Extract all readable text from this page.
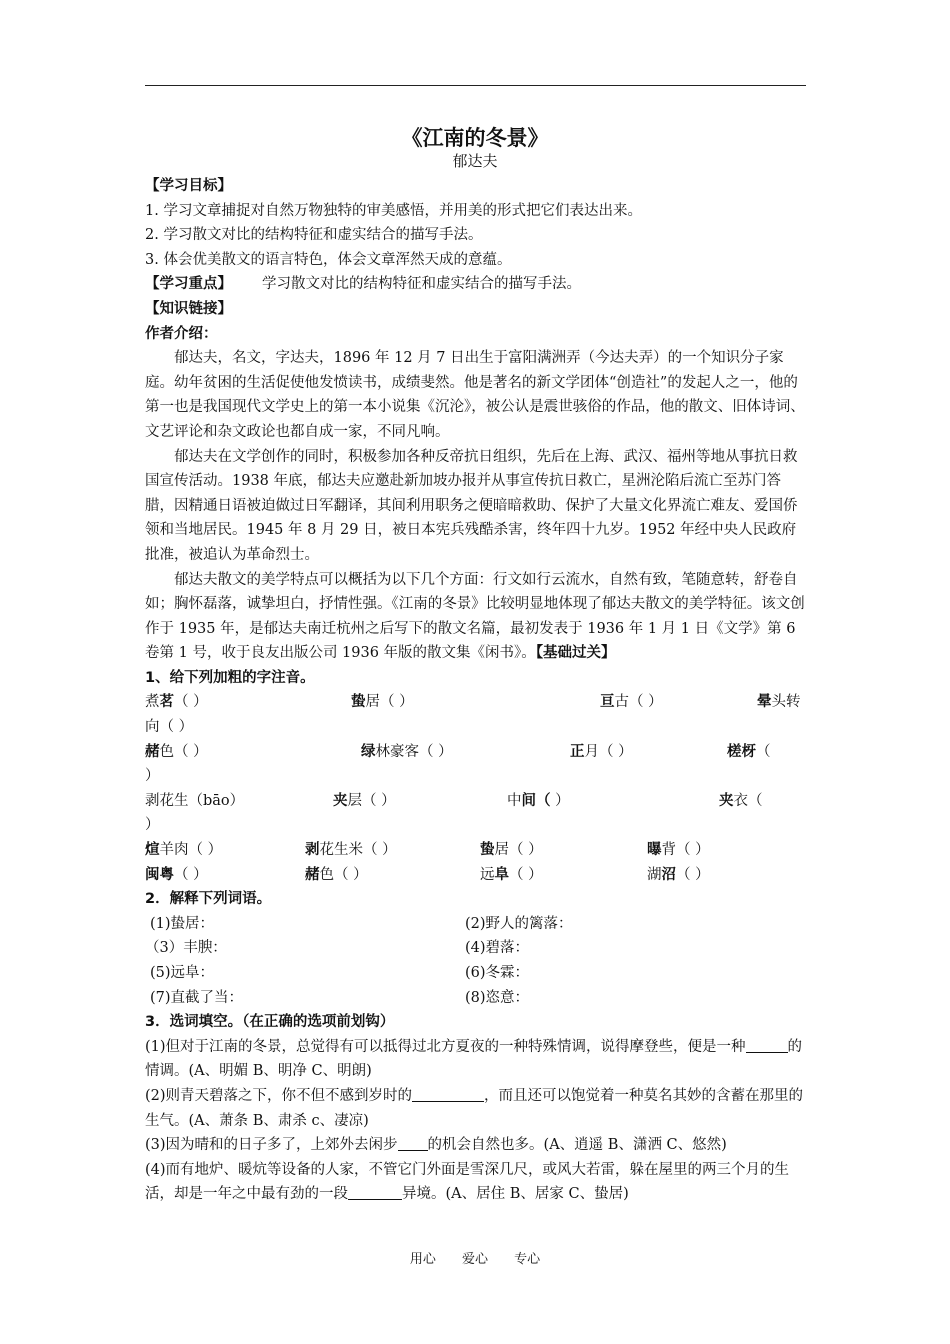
《江南的冬景》
郁达夫

【学习目标】

1. 学习文章捕捉对自然万物独特的审美感悟，并用美的形式把它们表达出来。

2. 学习散文对比的结构特征和虚实结合的描写手法。

3. 体会优美散文的语言特色，体会文章浑然天成的意蕴。

【学习重点】 学习散文对比的结构特征和虚实结合的描写手法。

【知识链接】

作者介绍：

郁达夫，名文，字达夫，1896 年 12 月 7 日出生于富阳满洲弄（今达夫弄）的一个知识分子家庭。幼年贫困的生活促使他发愤读书，成绩斐然。他是著名的新文学团体“创造社”的发起人之一，他的第一也是我国现代文学史上的第一本小说集《沉沦》，被公认是震世骇俗的作品，他的散文、旧体诗词、文艺评论和杂文政论也都自成一家，不同凡响。

郁达夫在文学创作的同时，积极参加各种反帝抗日组织，先后在上海、武汉、福州等地从事抗日救国宣传活动。1938 年底，郁达夫应邀赴新加坡办报并从事宣传抗日救亡，星洲沦陷后流亡至苏门答腊，因精通日语被迫做过日军翻译，其间利用职务之便暗暗救助、保护了大量文化界流亡难友、爱国侨领和当地居民。1945 年 8 月 29 日，被日本宪兵残酷杀害，终年四十九岁。1952 年经中央人民政府批准，被追认为革命烈士。

郁达夫散文的美学特点可以概括为以下几个方面：行文如行云流水，自然有致，笔随意转，舒卷自如；胸怀磊落，诚挚坦白，抒情性强。《江南的冬景》比较明显地体现了郁达夫散文的美学特征。该文创作于 1935 年，是郁达夫南迁杭州之后写下的散文名篇，最初发表于 1936 年 1 月 1 日《文学》第 6 卷第 1 号，收于良友出版公司 1936 年版的散文集《闲书》。【基础过关】

1、给下列加粗的字注音。

煮茗（ ）	蛰居（ ）	亘古（ ）	晕头转
向（ ）
赭色（ ）	绿林豪客（ ）	正月（ ）	槎枒（
）
剥花生（bāo）	夹层（ ）	中间（ ）	夹衣（
）
煊羊肉（ ）	剥花生米（ ）	蛰居（ ）	曝背（ ）
闽粤（ ）	赭色（ ）	远阜（ ）	湖沼（ ）

2．解释下列词语。

(1)蛰居：	(2)野人的篱落：
（3）丰腴：	(4)碧落：
(5)远阜：	(6)冬霖：
(7)直截了当：	(8)恣意：

3．选词填空。（在正确的选项前划钩）

(1)但对于江南的冬景，总觉得有可以抵得过北方夏夜的一种特殊情调，说得摩登些，便是一种	的情调。(A、明媚 B、明净 C、明朗)

(2)则青天碧落之下，你不但不感到岁时的	，而且还可以饱觉着一种莫名其妙的含蓄在那里的生气。(A、萧条 B、肃杀 c、凄凉)

(3)因为晴和的日子多了，上郊外去闲步 的机会自然也多。(A、逍遥 B、潇洒 C、悠然)

(4)而有地炉、暖炕等设备的人家，不管它门外面是雪深几尺，或风大若雷，躲在屋里的两三个月的生活，却是一年之中最有劲的一段	异境。(A、居住 B、居家 C、蛰居)

用心 爱心 专心
